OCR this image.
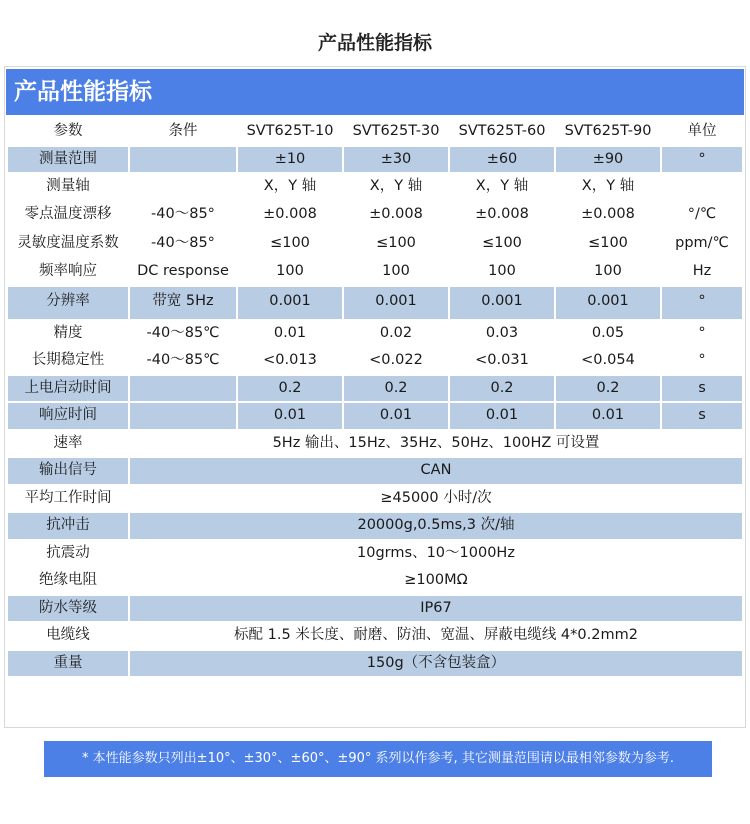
产品性能指标
产品性能指标
参数	条件	SVT625T-10	SVT625T-30	SVT625T-60	SVT625T-90	单位
测量范围		±10	±30	±60	±90	°
测量轴		X，Y 轴	X，Y 轴	X，Y 轴	X，Y 轴	
零点温度漂移	-40～85°	±0.008	±0.008	±0.008	±0.008	°/℃
灵敏度温度系数	-40～85°	≤100	≤100	≤100	≤100	ppm/℃
频率响应	DC response	100	100	100	100	Hz
分辨率	带宽 5Hz	0.001	0.001	0.001	0.001	°
精度	-40～85℃	0.01	0.02	0.03	0.05	°
长期稳定性	-40～85℃	<0.013	<0.022	<0.031	<0.054	°
上电启动时间		0.2	0.2	0.2	0.2	s
响应时间		0.01	0.01	0.01	0.01	s
速率	5Hz 输出、15Hz、35Hz、50Hz、100HZ 可设置					
输出信号	CAN					
平均工作时间	≥45000 小时/次					
抗冲击	20000g,0.5ms,3 次/轴					
抗震动	10grms、10～1000Hz					
绝缘电阻	≥100MΩ					
防水等级	IP67					
电缆线	标配 1.5 米长度、耐磨、防油、宽温、屏蔽电缆线 4*0.2mm2					
重量	150g（不含包装盒）					
* 本性能参数只列出±10°、±30°、±60°、±90° 系列以作参考, 其它测量范围请以最相邻参数为参考.
